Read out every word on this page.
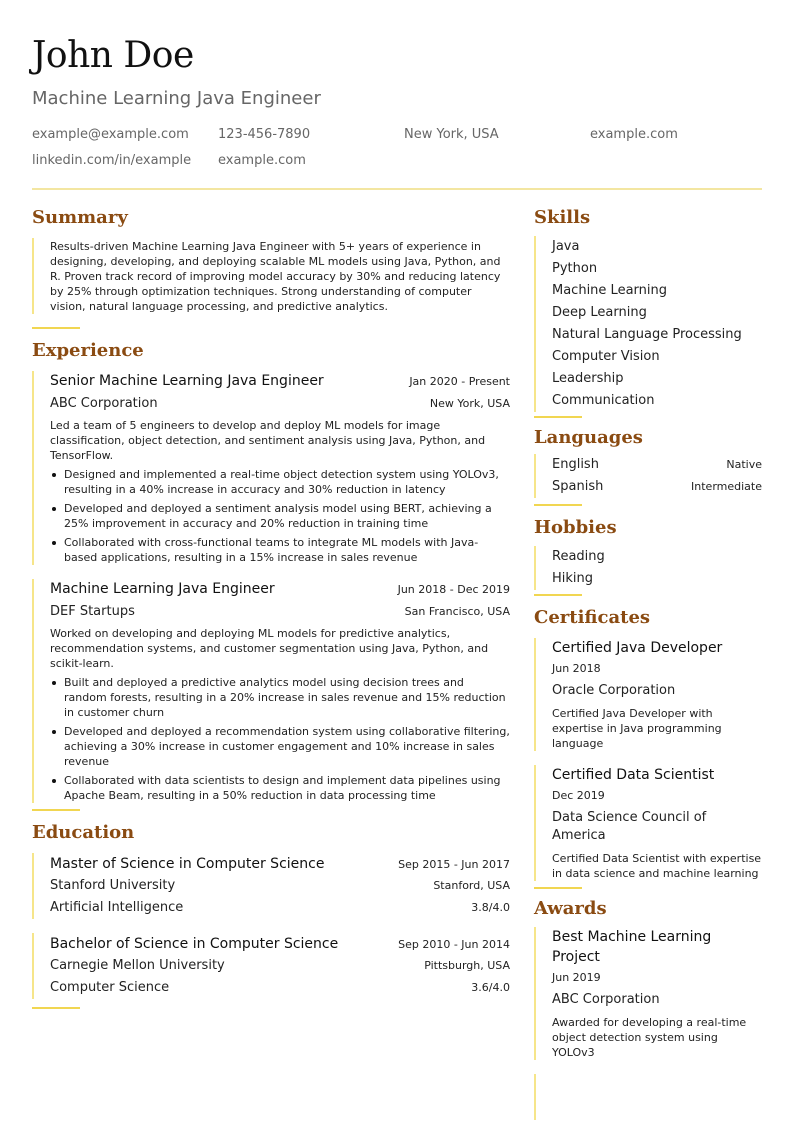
John Doe
Machine Learning Java Engineer
example@example.com	123-456-7890	New York, USA	example.com
linkedin.com/in/example	example.com
Summary
Results-driven Machine Learning Java Engineer with 5+ years of experience in designing, developing, and deploying scalable ML models using Java, Python, and R. Proven track record of improving model accuracy by 30% and reducing latency by 25% through optimization techniques. Strong understanding of computer vision, natural language processing, and predictive analytics.
Experience
Senior Machine Learning Java Engineer	Jan 2020 - Present
ABC Corporation	New York, USA
Led a team of 5 engineers to develop and deploy ML models for image classification, object detection, and sentiment analysis using Java, Python, and TensorFlow.
Designed and implemented a real-time object detection system using YOLOv3, resulting in a 40% increase in accuracy and 30% reduction in latency
Developed and deployed a sentiment analysis model using BERT, achieving a 25% improvement in accuracy and 20% reduction in training time
Collaborated with cross-functional teams to integrate ML models with Java-based applications, resulting in a 15% increase in sales revenue
Machine Learning Java Engineer	Jun 2018 - Dec 2019
DEF Startups	San Francisco, USA
Worked on developing and deploying ML models for predictive analytics, recommendation systems, and customer segmentation using Java, Python, and scikit-learn.
Built and deployed a predictive analytics model using decision trees and random forests, resulting in a 20% increase in sales revenue and 15% reduction in customer churn
Developed and deployed a recommendation system using collaborative filtering, achieving a 30% increase in customer engagement and 10% increase in sales revenue
Collaborated with data scientists to design and implement data pipelines using Apache Beam, resulting in a 50% reduction in data processing time
Education
Master of Science in Computer Science	Sep 2015 - Jun 2017
Stanford University	Stanford, USA
Artificial Intelligence	3.8/4.0
Bachelor of Science in Computer Science	Sep 2010 - Jun 2014
Carnegie Mellon University	Pittsburgh, USA
Computer Science	3.6/4.0
Skills
Java
Python
Machine Learning
Deep Learning
Natural Language Processing
Computer Vision
Leadership
Communication
Languages
English	Native
Spanish	Intermediate
Hobbies
Reading
Hiking
Certificates
Certified Java Developer
Jun 2018
Oracle Corporation
Certified Java Developer with expertise in Java programming language
Certified Data Scientist
Dec 2019
Data Science Council of America
Certified Data Scientist with expertise in data science and machine learning
Awards
Best Machine Learning Project
Jun 2019
ABC Corporation
Awarded for developing a real-time object detection system using YOLOv3
